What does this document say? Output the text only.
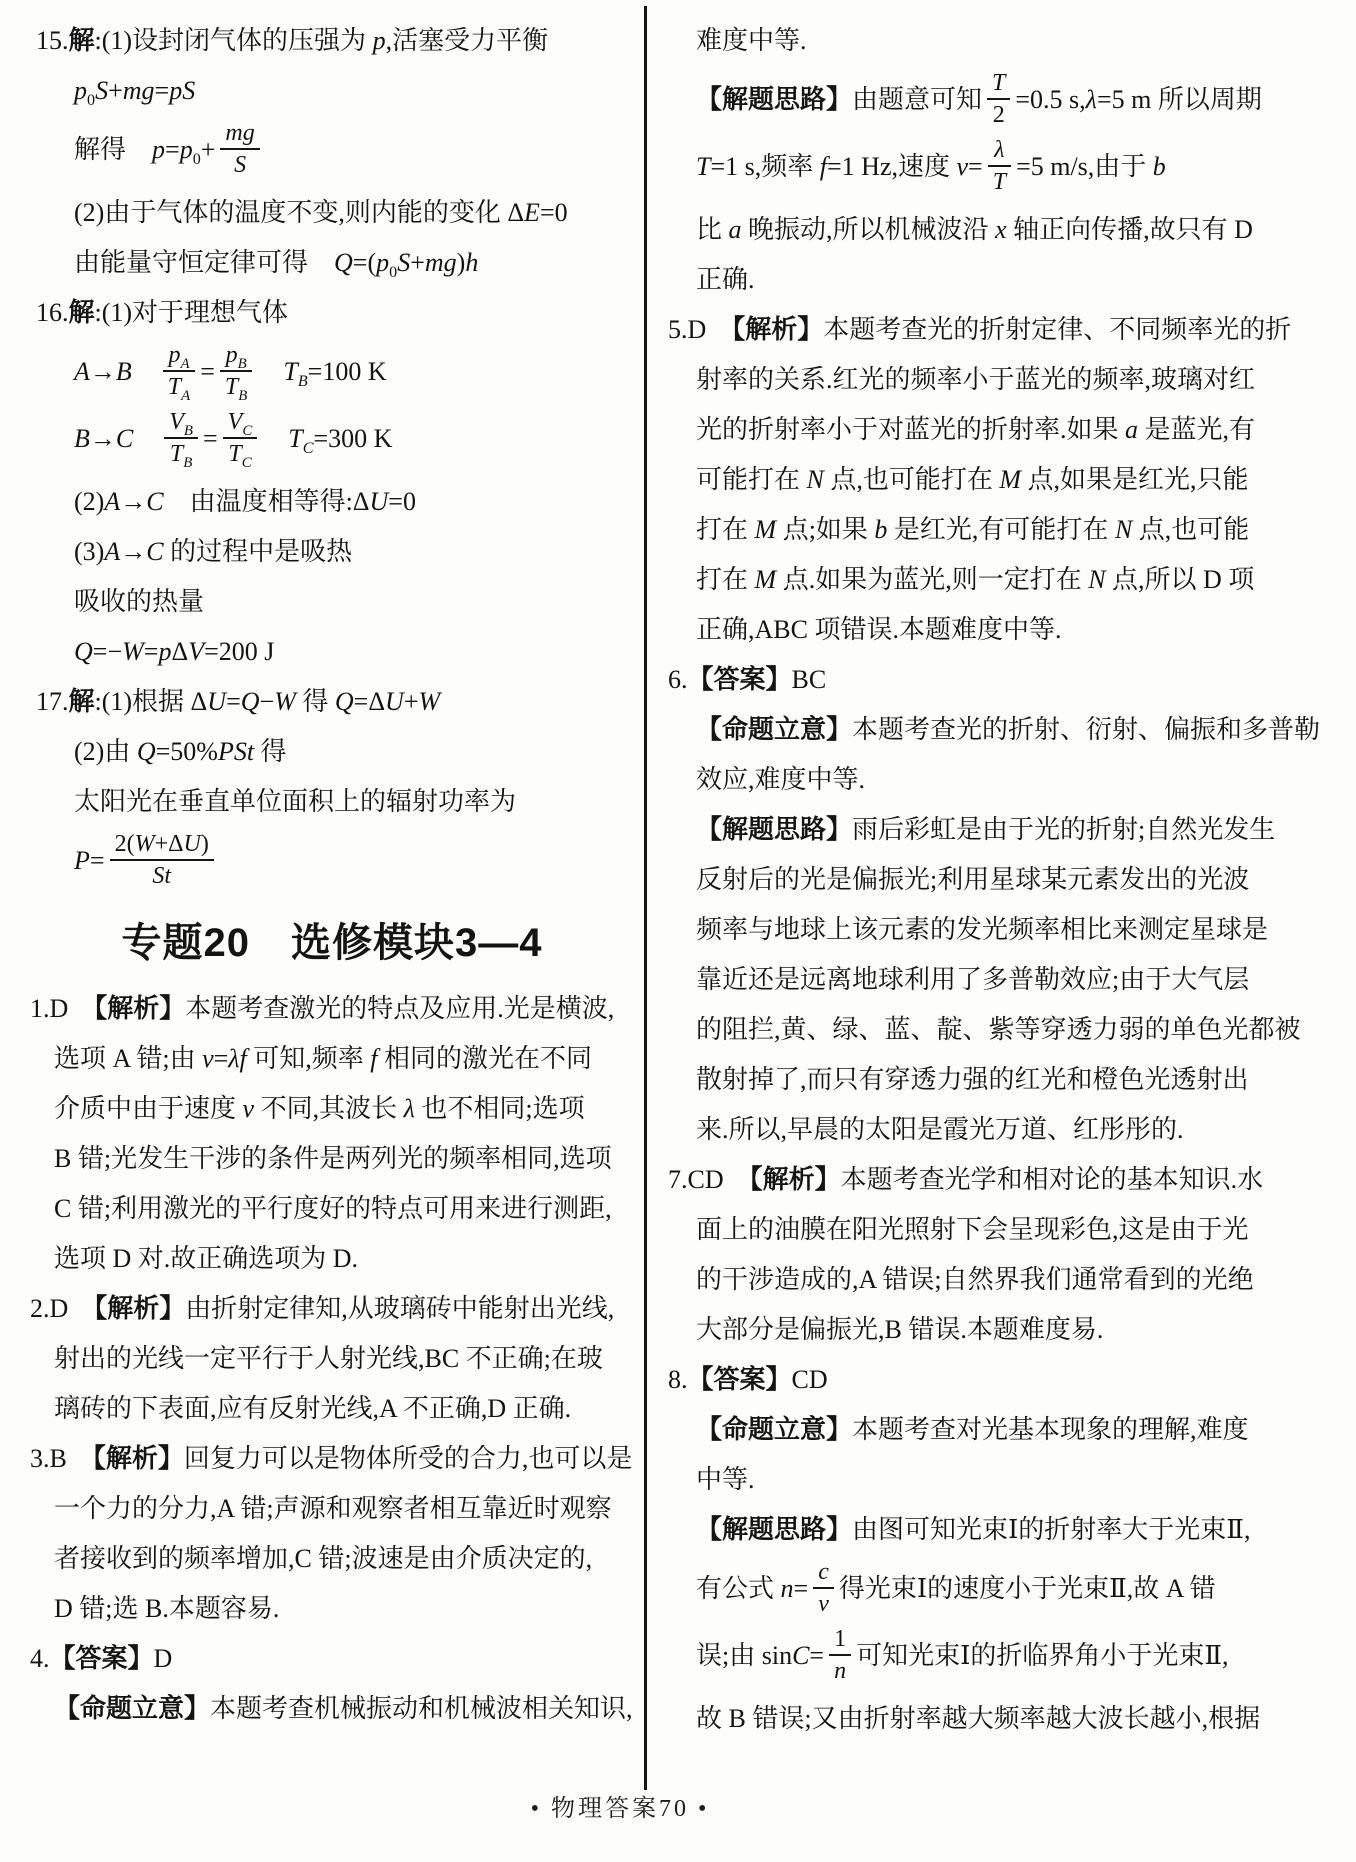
15.解:(1)设封闭气体的压强为 p,活塞受力平衡
$p_0S+mg=pS$
解得 $p=p_0+ \frac{mg}{S}$
(2)由于气体的温度不变,则内能的变化 ΔE=0
由能量守恒定律可得 $Q=(p_0S+mg)h$
16.解:(1)对于理想气体
A→B  $\frac{p_A}{T_A} = \frac{p_B}{T_B}$
  $T_B=100$ K
B→C  $\frac{V_B}{T_B} = \frac{V_C}{T_C}$
  $T_C=300$ K
(2)A→C 由温度相等得:ΔU=0
(3)A→C 的过程中是吸热
吸收的热量
Q=−W=pΔV=200 J
17.解:(1)根据 ΔU=Q−W 得 Q=ΔU+W
(2)由 Q=50%PSt 得
太阳光在垂直单位面积上的辐射功率为
$P= \frac{2(W+\Delta U)}{St}$
专题20 选修模块3—4
1.D 【解析】本题考查激光的特点及应用.光是横波,
选项 A 错;由 v=λf 可知,频率 f 相同的激光在不同
介质中由于速度 v 不同,其波长 λ 也不相同;选项
B 错;光发生干涉的条件是两列光的频率相同,选项
C 错;利用激光的平行度好的特点可用来进行测距,
选项 D 对.故正确选项为 D.
2.D 【解析】由折射定律知,从玻璃砖中能射出光线,
射出的光线一定平行于人射光线,BC 不正确;在玻
璃砖的下表面,应有反射光线,A 不正确,D 正确.
3.B 【解析】回复力可以是物体所受的合力,也可以是
一个力的分力,A 错;声源和观察者相互靠近时观察
者接收到的频率增加,C 错;波速是由介质决定的,
D 错;选 B.本题容易.
4.【答案】D
【命题立意】本题考查机械振动和机械波相关知识,
难度中等.
【解题思路】由题意可知 $\frac{T}{2} =0.5$ s,λ=5 m 所以周期
T=1 s,频率 f=1 Hz,速度 $v= \frac{\lambda}{T} =5$ m/s,由于 b
比 a 晚振动,所以机械波沿 x 轴正向传播,故只有 D
正确.
5.D 【解析】本题考查光的折射定律、不同频率光的折
射率的关系.红光的频率小于蓝光的频率,玻璃对红
光的折射率小于对蓝光的折射率.如果 a 是蓝光,有
可能打在 N 点,也可能打在 M 点,如果是红光,只能
打在 M 点;如果 b 是红光,有可能打在 N 点,也可能
打在 M 点.如果为蓝光,则一定打在 N 点,所以 D 项
正确,ABC 项错误.本题难度中等.
6.【答案】BC
【命题立意】本题考查光的折射、衍射、偏振和多普勒
效应,难度中等.
【解题思路】雨后彩虹是由于光的折射;自然光发生
反射后的光是偏振光;利用星球某元素发出的光波
频率与地球上该元素的发光频率相比来测定星球是
靠近还是远离地球利用了多普勒效应;由于大气层
的阻拦,黄、绿、蓝、靛、紫等穿透力弱的单色光都被
散射掉了,而只有穿透力强的红光和橙色光透射出
来.所以,早晨的太阳是霞光万道、红彤彤的.
7.CD 【解析】本题考查光学和相对论的基本知识.水
面上的油膜在阳光照射下会呈现彩色,这是由于光
的干涉造成的,A 错误;自然界我们通常看到的光绝
大部分是偏振光,B 错误.本题难度易.
8.【答案】CD
【命题立意】本题考查对光基本现象的理解,难度
中等.
【解题思路】由图可知光束Ⅰ的折射率大于光束Ⅱ,
有公式 $n= \frac{c}{v}$ 得光束Ⅰ的速度小于光束Ⅱ,故 A 错
误;由 $\sin C= \frac{1}{n}$ 可知光束Ⅰ的折临界角小于光束Ⅱ,
故 B 错误;又由折射率越大频率越大波长越小,根据
• 物理答案70 •
